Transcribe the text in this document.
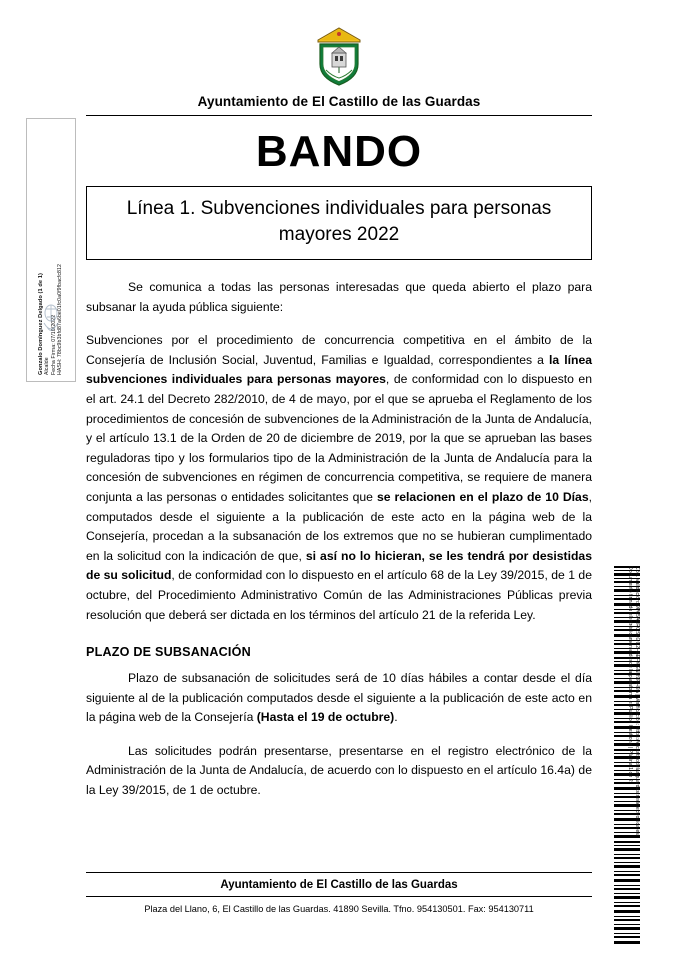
Gonzalo Domínguez Delgado (1 de 1) Alcalde Fecha Firma: 07/10/2022 HASH: 78bc9b3bfd87a6be01fc0a0f9fbacfc812
Cód. Validación: 9P65A5RGSLGC2H6EFKGND9RH9A | Verificación: https://elcastillodelasguardas.sedelectronica.es/
Documento firmado electrónicamente desde la plataforma esPublico Gestiona | Página 1 de 2
Ayuntamiento de El Castillo de las Guardas
BANDO
Línea 1. Subvenciones individuales para personas mayores 2022

Se comunica a todas las personas interesadas que queda abierto el plazo para subsanar la ayuda pública siguiente:

Subvenciones por el procedimiento de concurrencia competitiva en el ámbito de la Consejería de Inclusión Social, Juventud, Familias e Igualdad, correspondientes a la línea subvenciones individuales para personas mayores, de conformidad con lo dispuesto en el art. 24.1 del Decreto 282/2010, de 4 de mayo, por el que se aprueba el Reglamento de los procedimientos de concesión de subvenciones de la Administración de la Junta de Andalucía, y el artículo 13.1 de la Orden de 20 de diciembre de 2019, por la que se aprueban las bases reguladoras tipo y los formularios tipo de la Administración de la Junta de Andalucía para la concesión de subvenciones en régimen de concurrencia competitiva, se requiere de manera conjunta a las personas o entidades solicitantes que se relacionen en el plazo de 10 Días, computados desde el siguiente a la publicación de este acto en la página web de la Consejería, procedan a la subsanación de los extremos que no se hubieran cumplimentado en la solicitud con la indicación de que, si así no lo hicieran, se les tendrá por desistidas de su solicitud, de conformidad con lo dispuesto en el artículo 68 de la Ley 39/2015, de 1 de octubre, del Procedimiento Administrativo Común de las Administraciones Públicas previa resolución que deberá ser dictada en los términos del artículo 21 de la referida Ley.

PLAZO DE SUBSANACIÓN

Plazo de subsanación de solicitudes será de 10 días hábiles a contar desde el día siguiente al de la publicación computados desde el siguiente a la publicación de este acto en la página web de la Consejería (Hasta el 19 de octubre).

Las solicitudes podrán presentarse, presentarse en el registro electrónico de la Administración de la Junta de Andalucía, de acuerdo con lo dispuesto en el artículo 16.4a) de la Ley 39/2015, de 1 de octubre.

Ayuntamiento de El Castillo de las Guardas
Plaza del Llano, 6, El Castillo de las Guardas. 41890 Sevilla. Tfno. 954130501. Fax: 954130711
